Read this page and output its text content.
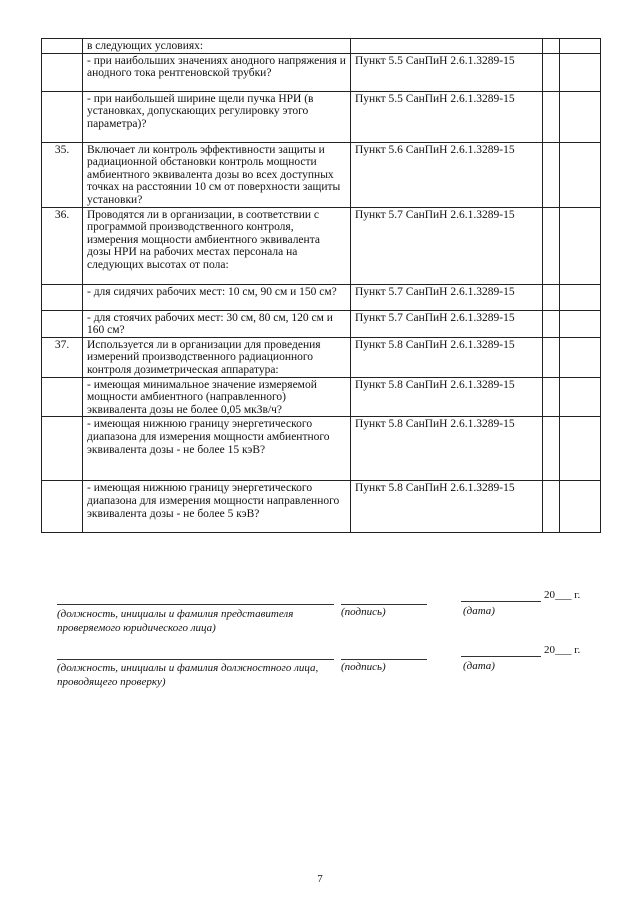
	в следующих условиях:			
	- при наибольших значениях анодного напряжения и анодного тока рентгеновской трубки?	Пункт 5.5 СанПиН 2.6.1.3289-15		
	- при наибольшей ширине щели пучка НРИ (в установках, допускающих регулировку этого параметра)?	Пункт 5.5 СанПиН 2.6.1.3289-15		
35.	Включает ли контроль эффективности защиты и радиационной обстановки контроль мощности амбиентного эквивалента дозы во всех доступных точках на расстоянии 10 см от поверхности защиты установки?	Пункт 5.6 СанПиН 2.6.1.3289-15		
36.	Проводятся ли в организации, в соответствии с программой производственного контроля, измерения мощности амбиентного эквивалента дозы НРИ на рабочих местах персонала на следующих высотах от пола:	Пункт 5.7 СанПиН 2.6.1.3289-15		
	- для сидячих рабочих мест: 10 см, 90 см и 150 см?	Пункт 5.7 СанПиН 2.6.1.3289-15		
	- для стоячих рабочих мест: 30 см, 80 см, 120 см и 160 см?	Пункт 5.7 СанПиН 2.6.1.3289-15		
37.	Используется ли в организации для проведения измерений производственного радиационного контроля дозиметрическая аппаратура:	Пункт 5.8 СанПиН 2.6.1.3289-15		
	- имеющая минимальное значение измеряемой мощности амбиентного (направленного) эквивалента дозы не более 0,05 мкЗв/ч?	Пункт 5.8 СанПиН 2.6.1.3289-15		
	- имеющая нижнюю границу энергетического диапазона для измерения мощности амбиентного эквивалента дозы - не более 15 кэВ?	Пункт 5.8 СанПиН 2.6.1.3289-15		
	- имеющая нижнюю границу энергетического диапазона для измерения мощности направленного эквивалента дозы - не более 5 кэВ?	Пункт 5.8 СанПиН 2.6.1.3289-15		
20___ г.
(должность, инициалы и фамилия представителя проверяемого юридического лица)
(подпись)	(дата)
20___ г.
(должность, инициалы и фамилия должностного лица, проводящего проверку)
(подпись)	(дата)
7
